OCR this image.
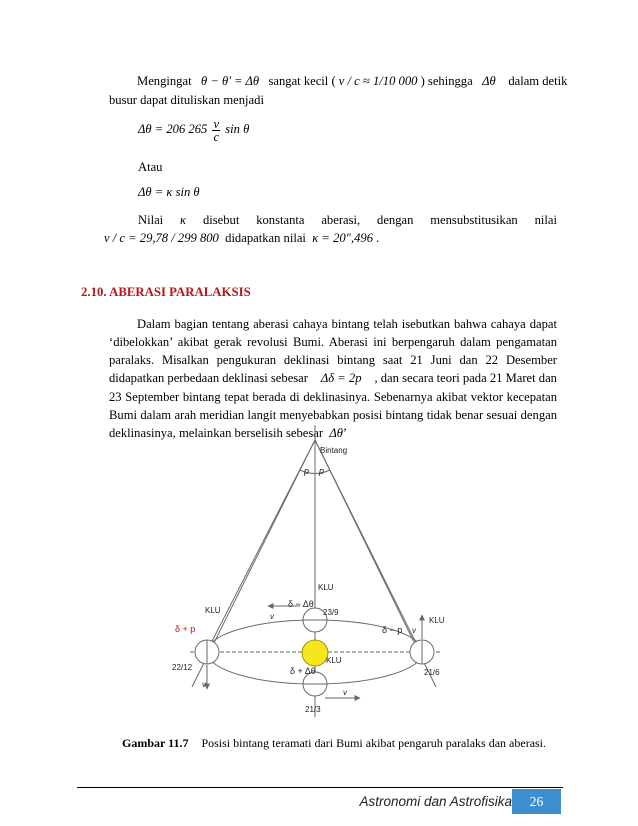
Mengingat θ − θ' = Δθ sangat kecil ( v / c ≈ 1/10 000 ) sehingga Δθ dalam detik
busur dapat dituliskan menjadi
Δθ = 206 $265 \frac{v}{c}$ sin θ
Atau
Δθ = κ sin θ
Nilai κ disebut konstanta aberasi, dengan mensubstitusikan nilai
v / c = 29,78 / 299 800 didapatkan nilai κ = 20",496 .
2.10. ABERASI PARALAKSIS
Dalam bagian tentang aberasi cahaya bintang telah isebutkan bahwa cahaya dapat
‘dibelokkan’ akibat gerak revolusi Bumi. Aberasi ini berpengaruh dalam pengamatan
paralaks. Misalkan pengukuran deklinasi bintang saat 21 Juni dan 22 Desember
didapatkan perbedaan deklinasi sebesar Δδ = 2p , dan secara teori pada 21 Maret dan
23 September bintang tepat berada di deklinasinya. Sebenarnya akibat vektor kecepatan
Bumi dalam arah meridian langit menyebabkan posisi bintang tidak benar sesuai dengan
deklinasinya, melainkan berselisih sebesar Δθ’
Bintang
p p
KLU
δ − Δθ
23/9
v
KLU
δ + p
KLU
δ − p v
KLU
22/12
21/6
δ + Δθ
v
v
21/3
Gambar 11.7 Posisi bintang teramati dari Bumi akibat pengaruh paralaks dan aberasi.
Astronomi dan Astrofisika	26
